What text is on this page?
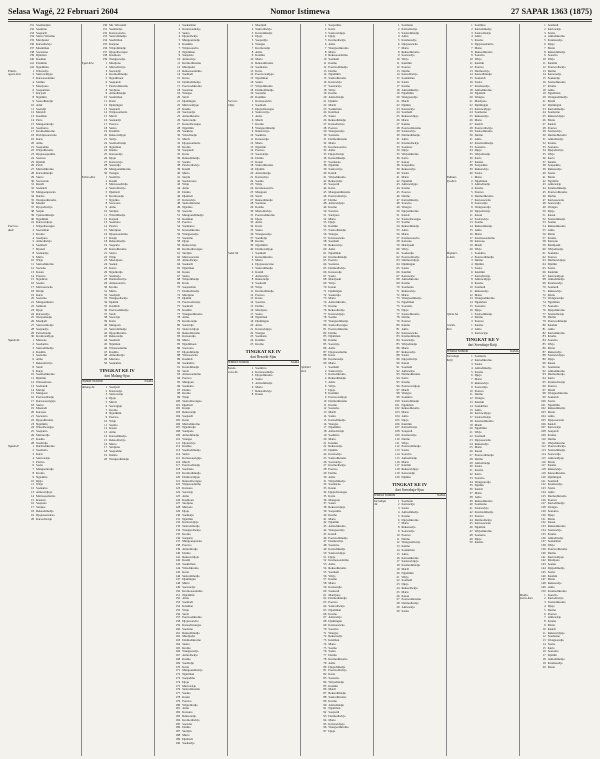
Selasa Wagé, 22 Februari 2604	Nomor Istimewa	27 SAPAR 1363 (1875)
131 Soemardjan
132 Soekirno
133 Soepardi
134 Sastro Wiratmo
135 Mardjoeki
136 Kartodiwirjo
137 Moekiman
138 Soewarno
139 Djaiman
140 Kasman
141 Poniman
142 Ngadiman
Pokoh-	1 Wiroredjo
ngoro-Kra	2 Sastrowidjojo
3 Kartosoedarmo
4 Sarmin
5 Moelyono
6 Soeparman
7 Karyadi
8 Ngatmin
9 Sosrodihardjo
10 Amir
11 Soetadji
12 Marsidi
13 Kasiman
14 Parto
15 Mangoenredjo
16 Soemarno
17 Kromodikromo
18 Dwidjosoewarno
19 Karto
20 Atmo
21 Soepadmo
22 Wirjodikromo
23 Djojosoepadmo
24 Soeroso
25 Djamin
26 Pardi
27 Martodikromo
28 Kartodimedjo
29 Sastro
30 Soewondo
31 Rasidi
32 Soekardi
33 Mangoenpawiro
34 Darmo
35 Wongsodikromo
36 Moekri
37 Djoyodiwirjo
38 Sarpin
39 Tjokrodimedjo
40 Ngadimin
41 Kartowidjojo
Poerwo-	1 Wirjodiwongso
dadi	2 Soeratman
3 Kromo
4 Soedjono
5 Atmodiwirjo
6 Soemadi
7 Djoned
8 Soekardjo
9 Marto
10 Wirjo
11 Sastrodikromo
12 Soewito
13 Kasan
14 Prawiro
15 Ngadiran
16 Soemo
17 Martosoewito
18 Dirdjo
19 Kario
20 Soetarno
21 Mangoenkarto
22 Samiran
23 Djojo
24 Karsoredjo
25 Wonsomedjo
26 Moeljadi
27 Sastroatmodjo
28 Soepardjo
29 Partodiredjo
30 Kromowidjojo
Ngadi-Sk	1 Marsono
2 Soedarmo
3 Sastrodimedjo
4 Kasmin
5 Soetomo
6 Atmo
7 Reksodiwirjo
8 Sardi
9 Karjo
10 Soemodikromo
11 Djaimin
12 Wirosentono
13 Soebandi
14 Mardjo
15 Mangoen
16 Poerwodiredjo
17 Kartosoewignjo
18 Sastro
19 Moenadi
20 Karsono
21 Soewarto
22 Djojodikromo
23 Ngatimin
24 Wirodiwongso
25 Soeparno
26 Martoredjo
27 Kasmo
28 Soedirdjo
Ngadi-II	1 Darmodikromo
2 Soemarto
3 Karto
4 Sastrowirjo
5 Pawiro
6 Soeto
7 Mangoenredjo
8 Kromo
9 Ngadimo
10 Djaja
11 Wirjo
12 Soekarno
13 Atmowidjojo
14 Martosoedarmo
15 Kasiran
16 Soepono
17 Sardjoe
18 Reksodimedjo
19 Djojosoewarno
20 Karsodiwirjo
130 Ms. Wirosenti
131 Soemardjo
132 Kartosoewito
133 Sastrodimedjo
134 Soedirman
135 Karjono
136 Wirjodimedjo
137 Djojodiwongso
138 Kasmoen
139 Wongsoredjo
Tegal-Kra	1 Moeljono
2 Martodiwirjo
3 Soewadji
4 Kromodimedjo
5 Ngadimoen
6 Soepandi
7 Pawirodikromo
8 Sardjono
9 Atmodimedjo
10 Soekirman
11 Karto
12 Djamingan
13 Soepardi
14 Wirjosoemarto
15 Mardi
16 Soekardji
17 Poerwo
18 Sastro
19 Kasimin
20 Reksowidjojo
21 Sarijo
22 Soemodiredjo
23 Ngatiman
24 Darmo
25 Karsoredjo
26 Djojo
27 Kartowirjo
28 Soetardjo
29 Mangoendikromo
30 Wongso
Brebes-Kra	1 Soemitro
2 Kasidi
3 Martosoedirdjo
4 Sastrodiwirjo
5 Djemadi
6 Kromoredjo
7 Ngadino
8 Soewono
9 Atmo
10 Sardjan
11 Wirodimedjo
12 Karjadi
13 Soetrisno
14 Pawiro
15 Mardjono
16 Djojosoedarmo
17 Kasijo
18 Reksodiredjo
19 Soeparto
20 Kartodikromo
21 Sastro
22 Wirjo
23 Moerdjono
24 Soekar
25 Karso
26 Ngadiredjo
27 Soemarjo
28 Darmodiwirjo
29 Atmosoewito
30 Kromo
31 Marto
32 Soedjadi
33 Wongsodiwirjo
34 Djamin
35 Kasmidi
36 Poerwodimedjo
37 Sardi
38 Soewirjo
39 Karto
40 Mangoen
41 Sastrodimedjo
42 Djojodikromo
43 Reksoredjo
44 Soemadi
45 Ngatman
46 Wirosoedarmo
47 Kasimo
48 Atmodiredjo
49 Martono
50 Soekamto
TINGKAT KE IV
dari Malang-Sjuu
TEMPAT NOMOR	NAMA
Malang-Sk	1 Soedjadi
2 Kartoredjo
3 Sastrowirjo
4 Djojo
5 Mardi
6 Soewignjo
7 Kromo
8 Ngadimin
9 Poerwo
10 Wirjo
11 Soemo
12 Kasan
13 Atmo
14 Karsodimedjo
15 Reksodiwirjo
16 Marto
17 Sardjono
18 Soepadmo
19 Darmo
20 Wongsodimedjo
1 Soekarman
2 Kartosoedirdjo
3 Sastro
4 Djojodiwirjo
5 Mangoenredjo
6 Kasimin
7 Wirjosoewito
8 Ngadiman
9 Soeparno
10 Atmowirjo
11 Kromodikromo
12 Mardjoeki
13 Reksosoedarmo
14 Soemadi
15 Karso
16 Darmodimedjo
17 Poerwodikromo
18 Soetarno
19 Wongso
20 Sardi
21 Djamingan
22 Martowidjojo
23 Kasmo
24 Soewardjo
25 Atmodikromo
26 Sastroredjo
27 Kartodiwongso
28 Ngatimin
29 Soekirno
30 Wirodiredjo
31 Mardi
32 Djojosoemarto
33 Kromo
34 Soepandi
35 Karto
36 Reksodimedjo
37 Soemo
38 Pawirodiwirjo
39 Kasidi
40 Marto
41 Sarpin
42 Soedarsono
43 Wirjo
44 Atmo
45 Darmo
46 Djemadi
47 Kartowirjo
48 Sastrodikromo
49 Ngadino
50 Soewito
51 Mangoendimedjo
52 Kasiman
53 Poerwo
54 Soemarno
55 Karsodikromo
56 Wongsoredjo
57 Soetomo
58 Djojo
59 Reksowirjo
60 Kromodiwongso
61 Sardjan
62 Martosoewito
63 Atmodiwirjo
64 Soekardi
65 Ngatiman
66 Kasan
67 Sastro
68 Wirjodimedjo
69 Karto
70 Soeparman
71 Darmodiredjo
72 Mardjono
73 Djamin
74 Poerwodiwirjo
75 Soemadi
76 Kasmin
77 Wongsodikromo
78 Atmo
79 Kromoredjo
80 Soetardjo
81 Sastrowidjojo
82 Reksodikromo
83 Karsoredjo
84 Marto
85 Ngadimoen
86 Soewono
87 Djojodimedjo
88 Wirosoewito
89 Kasmidi
90 Soekamto
91 Kartodimedjo
92 Sardi
93 Atmosoedarmo
94 Poerwo
95 Mangoen
96 Soemarto
97 Darmo
98 Kromo
99 Wirjo
100 Sastrodiwongso
101 Djemadi
102 Kasijo
103 Reksoredjo
104 Soepardi
105 Karto
106 Martodikromo
107 Ngadiredjo
108 Soedjono
109 Atmodimedjo
110 Wongso
111 Djojowirjo
112 Kasimo
113 Soemodimedjo
114 Sastro
115 Kartosoewignjo
116 Mardi
117 Poerwodiredjo
118 Soetrisno
119 Kromodimedjo
120 Darmowidjojo
121 Reksodiwongso
122 Wirjosoedarmo
123 Karsono
124 Soewirjo
125 Atmo
126 Kasmoen
127 Sardjono
128 Martono
129 Djojo
130 Soemarjo
131 Ngatmin
132 Kartowidjojo
133 Sastroatmodjo
134 Wongsodiwirjo
135 Kromo
136 Soeparto
137 Mangoenpawiro
138 Poerwo
139 Atmodiredjo
140 Darmo
141 Reksowidjojo
142 Kasidi
143 Soekirman
144 Wirodikromo
145 Karto
146 Sastrodimedjo
147 Djamingan
148 Marto
149 Soewardjo
150 Kromosoedarmo
151 Ngadimin
152 Atmo
153 Soemadi
154 Kasiman
155 Wirjo
156 Sardi
157 Poerwodikromo
158 Djojosoewito
159 Karsodiwongso
160 Soetarno
161 Reksodimedjo
162 Mardjoeki
163 Darmodikromo
164 Sastro
165 Kromo
166 Wongsoredjo
167 Atmodiwirjo
168 Kasmo
169 Soedirdjo
170 Karto
171 Mangoendiwirjo
172 Ngatiman
173 Soepadmo
174 Djojo
175 Martowirjo
176 Sastrodikromo
177 Soemo
178 Kasan
179 Poerwo
180 Wirjodiredjo
181 Atmo
182 Karsono
183 Reksoredjo
184 Kromodiwirjo
185 Soewito
186 Darmo
187 Sardjan
188 Marto
189 Djemadi
190 Soekardjo
1 Moeljadi
2 Sastrodiwirjo
3 Kartodimedjo
4 Djojo
5 Soepardjo
6 Wongso
7 Kromoredjo
8 Atmo
9 Kasmin
10 Marto
11 Reksodikromo
12 Soemarno
13 Karto
14 Poerwowidjojo
15 Ngadiman
16 Sastro
17 Wirjodikromo
18 Darmodimedjo
19 Soetomo
20 Kasimin
Poerwo-	1 Kartosoewito
reDjo	2 Soemadi
3 Djojodiwongso
4 Sastrowirjo
5 Atmo
6 Mardi
7 Kromo
8 Wongsodimedjo
9 Reksowirjo
10 Soekirno
11 Karsoredjo
12 Marto
13 Ngatmin
14 Poerwo
15 Soewardjo
16 Darmo
17 Kasan
18 Sastrodikromo
19 Djamin
20 Atmodiredjo
21 Kartowirjo
22 Soemo
23 Wirjo
24 Kromosoewito
25 Mangoen
26 Sardi
27 Reksodimedjo
28 Soetarno
29 Kasmo
30 Martodiwirjo
31 Poerwodikromo
32 Djojo
33 Atmo
34 Karto
35 Sastro
36 Wongsoredjo
37 Soedirdjo
38 Kromo
39 Ngadimin
40 Darmowidjojo
Pakel-Sk	1 Soemadi
2 Kartodikromo
3 Marto
4 Djojosoewarno
5 Sastrodimedjo
6 Kasidi
7 Atmowirjo
8 Reksoredjo
9 Soekardi
10 Wirjo
11 Kromodimedjo
12 Poerwo
13 Karso
14 Soewito
15 Darmo
16 Mardjono
17 Sastro
18 Ngatiman
19 Djamingan
20 Atmo
21 Kartowidjojo
22 Wongso
23 Soemarto
24 Kasmin
25 Kromo
TINGKAT KE IV
dari Besoeki-Sjuu
TEMPAT NOMOR	NAMA
Bondo-	1 Soemitro
woso-Sk	2 Kartosoedirdjo
3 Djojodikromo
4 Sastro
5 Atmodimedjo
6 Marto
7 Reksodiwirjo
8 Kasan
1 Soepadmo
2 Karto
3 Sastrowidjojo
4 Djojo
5 Kromodiwirjo
6 Atmo
7 Wongsodikromo
8 Marto
9 Reksosoedarmo
10 Soemadi
11 Kasmo
12 Poerwodimedjo
13 Darmo
14 Ngadimin
15 Sastrodikromo
16 Kartowirjo
17 Soewardjo
18 Wirjo
19 Kromo
20 Atmodiredjo
21 Djamin
22 Mardi
23 Soekirman
24 Kasiman
25 Sastro
26 Reksodimedjo
27 Karsodiwirjo
28 Poerwo
29 Wongsoredjo
30 Soetomo
31 Darmodikromo
32 Marto
33 Kromosoewito
34 Atmo
35 Djojodiwirjo
36 Kartodimedjo
37 Soemarno
38 Ngatmin
39 Sastrowirjo
40 Kasidi
41 Wirjodikromo
42 Reksoredjo
43 Soepardi
44 Karto
45 Mangoendikromo
46 Poerwodiwirjo
47 Darmo
48 Atmowidjojo
49 Kromo
50 Soewito
51 Sardjono
52 Marto
53 Djojo
54 Kasmin
55 Sastrodimedjo
56 Wongso
57 Kartosoewito
58 Soemadi
59 Reksowirjo
60 Atmo
61 Ngadiman
62 Kromodimedjo
63 Poerwo
64 Soetarno
65 Darmodiwirjo
66 Karsoredjo
67 Sastro
68 Mardjoeki
69 Wirjo
70 Kasan
71 Djamingan
72 Soekardjo
73 Marto
74 Atmodikromo
75 Kromo
76 Reksodiredjo
77 Kartowidjojo
78 Soemo
79 Wongsodimedjo
80 Sastrodiwongso
81 Poerwodikromo
82 Darmo
83 Ngatiman
84 Kasmo
85 Soewirjo
86 Atmo
87 Djojosoedarmo
88 Karto
89 Kromoredjo
90 Marto
Djember	1 Soemadi
-Ken	2 Sastrowirjo
3 Kartodikromo
4 Reksodimedjo
5 Atmo
6 Wirjo
7 Djojo
8 Kasimin
9 Poerwowidjojo
10 Darmodikromo
11 Kromo
12 Soetomo
13 Mardi
14 Sastro
15 Karsodimedjo
16 Wongso
17 Ngadimin
18 Atmodiwirjo
19 Soekirno
20 Marto
21 Kasmin
22 Reksoredjo
23 Djamin
24 Kartowirjo
25 Sastrodikromo
26 Soewardjo
27 Kromodiwirjo
28 Poerwo
29 Darmo
30 Atmo
31 Wirjodimedjo
32 Soemarno
33 Kasan
34 Djojodiwongso
35 Karto
36 Mangoen
37 Sastro
38 Reksowidjojo
39 Soepadmo
40 Kromo
41 Marto
42 Ngatmin
43 Atmodikromo
44 Wongsoredjo
45 Kasidi
46 Poerwodimedjo
47 Darmowirjo
48 Soetarno
49 Kartodimedjo
50 Sastrowidjojo
51 Djojo
52 Kromosoedarmo
53 Atmo
54 Reksodikromo
55 Soemadi
56 Wirjo
57 Kasmo
58 Marto
59 Karsoredjo
60 Soekardi
61 Mardjono
62 Darmodimedjo
63 Poerwo
64 Sastrodiwirjo
65 Ngadiman
66 Kromo
67 Atmowirjo
68 Djamingan
69 Kartosoewito
70 Soewito
71 Wongso
72 Reksoredjo
73 Kasiman
74 Marto
75 Soemo
76 Sastro
77 Darmo
78 Kromodikromo
79 Atmo
80 Djojodimedjo
81 Poerwodiwirjo
82 Karto
83 Soetomo
84 Wirjodiredjo
85 Kasmin
86 Mardi
87 Reksodimedjo
88 Sastrodikromo
89 Kromo
90 Atmodiredjo
91 Ngatiman
92 Soepardi
93 Darmodiwirjo
94 Marto
95 Kartowidjojo
96 Wongsodikromo
97 Djojo
1 Soemarto
2 Kartodiwirjo
3 Sastrodimedjo
4 Atmo
5 Kromoredjo
6 Djojosoewito
7 Marto
8 Reksodikromo
9 Soewardjo
10 Wirjo
11 Kasimin
12 Poerwo
13 Darmo
14 Karsodiwirjo
15 Soekirman
16 Sastro
17 Kromo
18 Atmodimedjo
19 Ngadimin
20 Wongsoredjo
21 Mardi
22 Djamin
23 Kartowirjo
24 Soemadi
25 Reksowidjojo
26 Marto
27 Kasmo
28 Poerwodikromo
29 Sastrowirjo
30 Darmodimedjo
31 Atmo
32 Kromodiwirjo
33 Soetarno
34 Djojo
35 Wirjodikromo
36 Karto
37 Kasan
38 Soepadmo
39 Reksoredjo
40 Sastro
41 Marto
42 Ngatmin
43 Atmowidjojo
44 Kromo
45 Poerwo
46 Darmo
47 Kartodimedjo
48 Soewito
49 Wongso
50 Djojodikromo
51 Kasidi
52 Sastrodiwongso
53 Soemo
54 Reksodimedjo
55 Atmo
56 Marto
57 Kromosoewito
58 Karsono
59 Mardjoeki
60 Wirjo
61 Soekardjo
62 Poerwodiredjo
63 Darmowidjojo
64 Djamingan
65 Sastro
66 Kasmin
67 Kartowirjo
68 Atmodikromo
69 Kromo
70 Soemarno
71 Reksowirjo
72 Marto
73 Wongsodimedjo
74 Ngadiman
75 Soetomo
76 Djojo
77 Sastrodikromo
78 Darmo
79 Poerwo
80 Kasmo
81 Atmo
82 Kartosoewito
83 Kromodimedjo
84 Soewardjo
85 Wirjodiredjo
86 Marto
87 Reksoredjo
88 Sastro
89 Djojodiwirjo
90 Kasan
91 Soemadi
92 Atmowirjo
93 Darmodikromo
94 Karto
95 Kromo
96 Poerwowidjojo
97 Mardi
98 Wongso
99 Soekirno
100 Sastrodimedjo
101 Ngatiman
102 Reksodikromo
103 Marto
104 Atmo
105 Djojo
106 Kasimin
107 Kartodiwirjo
108 Soepardi
109 Kromoredjo
110 Darmo
111 Wirjo
112 Poerwodimedjo
113 Sastro
114 Soewito
115 Atmodiredjo
116 Marto
117 Kasmin
118 Reksowidjojo
119 Karsoredjo
120 Djamin
TINGKAT KE IV
dari Soerabaja-Sjuu
TEMPAT NOMOR	NAMA
Soerabaja	1 Soemarto
-Sk	2 Kartowirjo
3 Sastro
4 Atmodimedjo
5 Kromo
6 Djojodikromo
7 Marto
8 Reksoredjo
9 Soewardjo
10 Poerwo
11 Darmo
12 Wongsodiwirjo
13 Kasmo
14 Soekirman
15 Atmo
16 Kartodikromo
17 Sastrowidjojo
18 Kromodimedjo
19 Mardi
20 Ngadimin
21 Wirjo
22 Soemadi
23 Djojo
24 Reksodiwirjo
25 Marto
26 Kasan
27 Poerwodikromo
28 Darmodiredjo
29 Atmowirjo
30 Sastro
1 Soemitro
2 Kartodimedjo
3 Sastrodiwirjo
4 Atmo
5 Kromo
6 Djojosoedarmo
7 Marto
8 Reksodikromo
9 Soewito
10 Wirjo
11 Kasmin
12 Poerwo
13 Darmowirjo
14 Karsodimedjo
15 Soekardi
16 Sastro
17 Kromoredjo
18 Atmodikromo
19 Ngatmin
20 Wongso
21 Mardjono
22 Djamingan
23 Kartowidjojo
24 Soemarno
25 Reksoredjo
26 Marto
27 Kasidi
28 Poerwodiwirjo
29 Sastrodikromo
30 Darmo
31 Atmo
32 Kromodimedjo
33 Soetarno
34 Djojo
35 Wirjodiredjo
36 Karto
37 Kasmo
38 Soepadmo
39 Reksowirjo
40 Sastro
Sidhoar-	1 Marto
djo-Ken	2 Ngadiman
3 Atmodiredjo
4 Kromo
5 Poerwo
6 Darmodikromo
7 Kartosoewito
8 Soewardjo
9 Wongsoredjo
10 Djojodiwirjo
11 Kasan
12 Sastrowirjo
13 Soemo
14 Reksodimedjo
15 Atmo
16 Marto
17 Kromosoedarmo
18 Karsono
19 Mardi
20 Wirjo
Mojoker-	1 Soekirno
to-Ken	2 Poerwodimedjo
3 Darmo
4 Djamin
5 Sastro
6 Kasimin
7 Kartodiwirjo
8 Atmowidjojo
9 Kromo
10 Soemadi
11 Reksoredjo
12 Marto
13 Wongsodikromo
14 Ngatiman
15 Soetomo
16 Djojo
Ojiem-Sk	1 Sastrodimedjo
2 Darmo
3 Poerwo
Gresik-	1 Kasmo
Ken	2 Atmo
3 Kartowirjo
TINGKAT KE V
dari Soerabaja-Kotji
TEMPAT NOMOR	NAMA
Soerabaja	1 Soemarto
Kotji	2 Kartodikromo
3 Sastro
4 Atmodimedjo
5 Kromo
6 Djojo
7 Marto
8 Reksowirjo
9 Soewardjo
10 Poerwo
11 Darmo
12 Wongso
13 Kasmin
14 Soekirman
15 Atmo
16 Kartowidjojo
17 Sastrodiwirjo
18 Kromodikromo
19 Mardi
20 Ngadimin
21 Wirjo
22 Soemadi
23 Djojosoewito
24 Reksoredjo
25 Marto
26 Kasan
27 Poerwodimedjo
28 Darmo
29 Atmodiredjo
30 Sastro
31 Kromo
32 Karto
33 Soewito
34 Wongsoredjo
35 Djamin
36 Kasidi
37 Marto
38 Atmo
39 Reksodikromo
40 Soemarno
41 Sastrowirjo
42 Kromodimedjo
43 Poerwo
44 Darmodiwirjo
45 Kartosoewito
46 Ngatmin
47 Wirjodikromo
48 Soetarno
49 Djojo
50 Kasmo
1 Soemadi
2 Kartowirjo
3 Sastro
4 Atmodikromo
5 Kromoredjo
6 Djojo
7 Marto
8 Reksodimedjo
9 Soewito
10 Wirjo
11 Kasmin
12 Poerwodiwirjo
13 Darmo
14 Karsoredjo
15 Soekardjo
16 Sastrodikromo
17 Kromo
18 Atmo
19 Ngadiman
20 Wongsodimedjo
21 Mardi
22 Djamingan
23 Kartodimedjo
24 Soemarno
25 Reksowidjojo
26 Marto
27 Kasidi
28 Poerwo
29 Sastrowirjo
30 Darmodikromo
31 Atmodiredjo
32 Kromo
33 Soetarno
34 Djojodiwirjo
35 Wirjo
36 Karto
37 Kasmo
38 Soepadmo
39 Reksoredjo
40 Sastro
41 Marto
42 Ngatmin
43 Atmowirjo
44 Kromodimedjo
45 Poerwodikromo
46 Darmo
47 Kartosoewito
48 Soewardjo
49 Wongso
50 Djojo
51 Kasan
52 Sastrodimedjo
53 Soemo
54 Reksodikromo
55 Atmo
56 Marto
57 Kromo
58 Karsono
59 Mardjoeki
60 Wirjodiredjo
61 Soekirno
62 Poerwo
63 Darmowidjojo
64 Djamin
65 Sastro
66 Kasimin
67 Kartowidjojo
68 Atmodimedjo
69 Kromoredjo
70 Soemadi
71 Reksowirjo
72 Marto
73 Wongsoredjo
74 Ngatiman
75 Soetomo
76 Djojodikromo
77 Sastrodiwirjo
78 Darmo
79 Poerwodimedjo
80 Kasmin
81 Atmo
82 Kartodikromo
83 Kromo
84 Soewito
85 Wirjo
86 Marto
87 Reksoredjo
88 Sastrowidjojo
89 Djojo
90 Kasan
91 Soemarno
92 Atmodikromo
93 Darmodiredjo
94 Karto
95 Kromodiwirjo
96 Poerwo
97 Mardi
98 Wongsodikromo
99 Soekardi
100 Sastro
101 Ngadimin
102 Reksodimedjo
103 Marto
104 Atmo
105 Djojosoewito
106 Kasidi
107 Kartowirjo
108 Soepardi
109 Kromo
110 Darmo
111 Wirjodikromo
112 Poerwodiwirjo
113 Sastrodimedjo
114 Soewardjo
115 Atmowidjojo
116 Marto
117 Kasmo
118 Reksowirjo
119 Karsodikromo
120 Djamingan
121 Soemadi
122 Kromoredjo
123 Sastro
124 Atmo
125 Darmodikromo
126 Poerwo
127 Kartodimedjo
128 Wongso
129 Soetarno
130 Djojo
131 Marto
132 Kasan
133 Reksodikromo
134 Sastrowirjo
135 Kromo
136 Atmodiredjo
137 Soekirman
138 Wirjo
139 Poerwodikromo
140 Darmo
141 Kartowidjojo
142 Mardjono
143 Soemo
144 Djojodimedjo
145 Sastro
146 Kasmin
147 Marto
148 Reksoredjo
149 Atmo
150 Kromodikromo
Modjo-	1 Soewito
poera-Ken	2 Kartodiwirjo
3 Sastrodikromo
4 Djojo
5 Darmo
6 Poerwo
7 Atmowirjo
8 Kromo
9 Marto
10 Kasidi
11 Reksowidjojo
12 Soemarno
13 Wongsoredjo
14 Sastro
15 Karto
16 Soetomo
17 Djamin
18 Atmodimedjo
19 Kromoredjo
20 Marto
